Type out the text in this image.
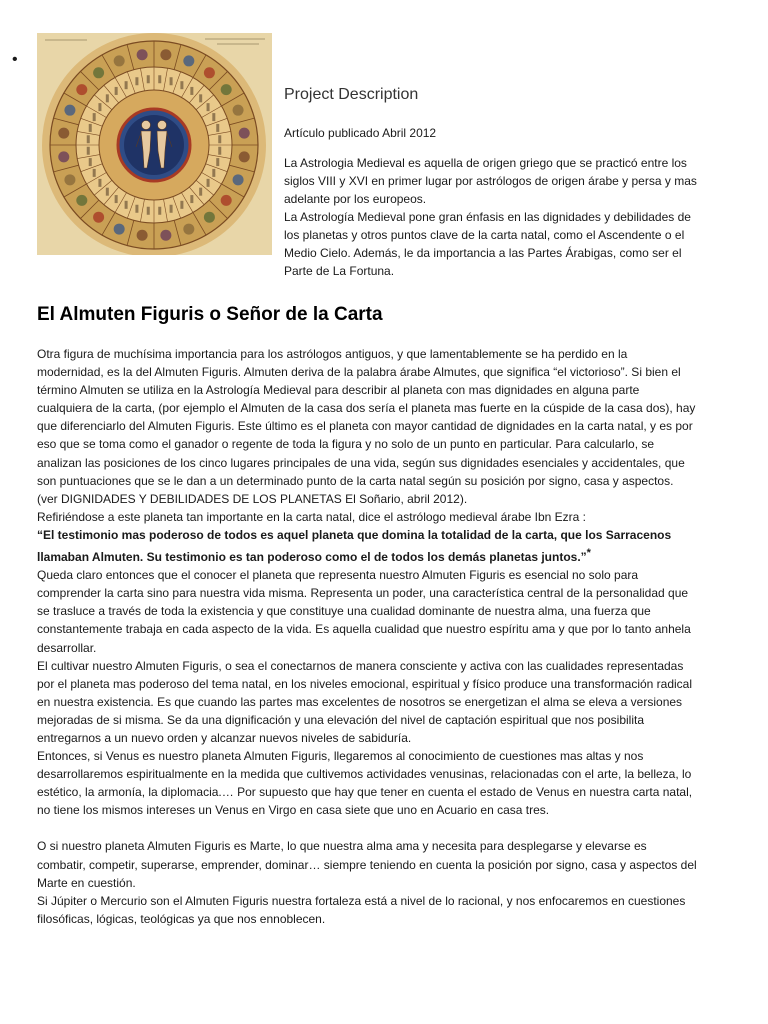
•
Project Description

Artículo publicado Abril 2012

La Astrologia Medieval es aquella de origen griego que se practicó entre los siglos VIII y XVI en primer lugar por astrólogos de origen árabe y persa y mas adelante por los europeos.

La Astrología Medieval pone gran énfasis en las dignidades y debilidades de los planetas y otros puntos clave de la carta natal, como el Ascendente o el Medio Cielo. Además, le da importancia a las Partes Árabigas, como ser el Parte de La Fortuna.

El Almuten Figuris o Señor de la Carta

Otra figura de muchísima importancia para los astrólogos antiguos, y que lamentablemente se ha perdido en la modernidad, es la del Almuten Figuris. Almuten deriva de la palabra árabe Almutes, que significa “el victorioso”. Si bien el término Almuten se utiliza en la Astrología Medieval para describir al planeta con mas dignidades en alguna parte cualquiera de la carta, (por ejemplo el Almuten de la casa dos sería el planeta mas fuerte en la cúspide de la casa dos), hay que diferenciarlo del Almuten Figuris. Este último es el planeta con mayor cantidad de dignidades en la carta natal, y es por eso que se toma como el ganador o regente de toda la figura y no solo de un punto en particular. Para calcularlo, se analizan las posiciones de los cinco lugares principales de una vida, según sus dignidades esenciales y accidentales, que son puntuaciones que se le dan a un determinado punto de la carta natal según su posición por signo, casa y aspectos. (ver DIGNIDADES Y DEBILIDADES DE LOS PLANETAS El Soñario, abril 2012).

Refiriéndose a este planeta tan importante en la carta natal, dice el astrólogo medieval árabe Ibn Ezra :

“El testimonio mas poderoso de todos es aquel planeta que domina la totalidad de la carta, que los Sarracenos llamaban Almuten. Su testimonio es tan poderoso como el de todos los demás planetas juntos.”*

Queda claro entonces que el conocer el planeta que representa nuestro Almuten Figuris es esencial no solo para comprender la carta sino para nuestra vida misma. Representa un poder, una característica central de la personalidad que se trasluce a través de toda la existencia y que constituye una cualidad dominante de nuestra alma, una fuerza que constantemente trabaja en cada aspecto de la vida. Es aquella cualidad que nuestro espíritu ama y que por lo tanto anhela desarrollar.

El cultivar nuestro Almuten Figuris, o sea el conectarnos de manera consciente y activa con las cualidades representadas por el planeta mas poderoso del tema natal, en los niveles emocional, espiritual y físico produce una transformación radical en nuestra existencia. Es que cuando las partes mas excelentes de nosotros se energetizan el alma se eleva a versiones mejoradas de si misma. Se da una dignificación y una elevación del nivel de captación espiritual que nos posibilita entregarnos a un nuevo orden y alcanzar nuevos niveles de sabiduría.

Entonces, si Venus es nuestro planeta Almuten Figuris, llegaremos al conocimiento de cuestiones mas altas y nos desarrollaremos espiritualmente en la medida que cultivemos actividades venusinas, relacionadas con el arte, la belleza, lo estético, la armonía, la diplomacia.… Por supuesto que hay que tener en cuenta el estado de Venus en nuestra carta natal, no tiene los mismos intereses un Venus en Virgo en casa siete que uno en Acuario en casa tres.

O si nuestro planeta Almuten Figuris es Marte, lo que nuestra alma ama y necesita para desplegarse y elevarse es combatir, competir, superarse, emprender, dominar… siempre teniendo en cuenta la posición por signo, casa y aspectos del Marte en cuestión.

Si Júpiter o Mercurio son el Almuten Figuris nuestra fortaleza está a nivel de lo racional, y nos enfocaremos en cuestiones filosóficas, lógicas, teológicas ya que nos ennoblecen.
